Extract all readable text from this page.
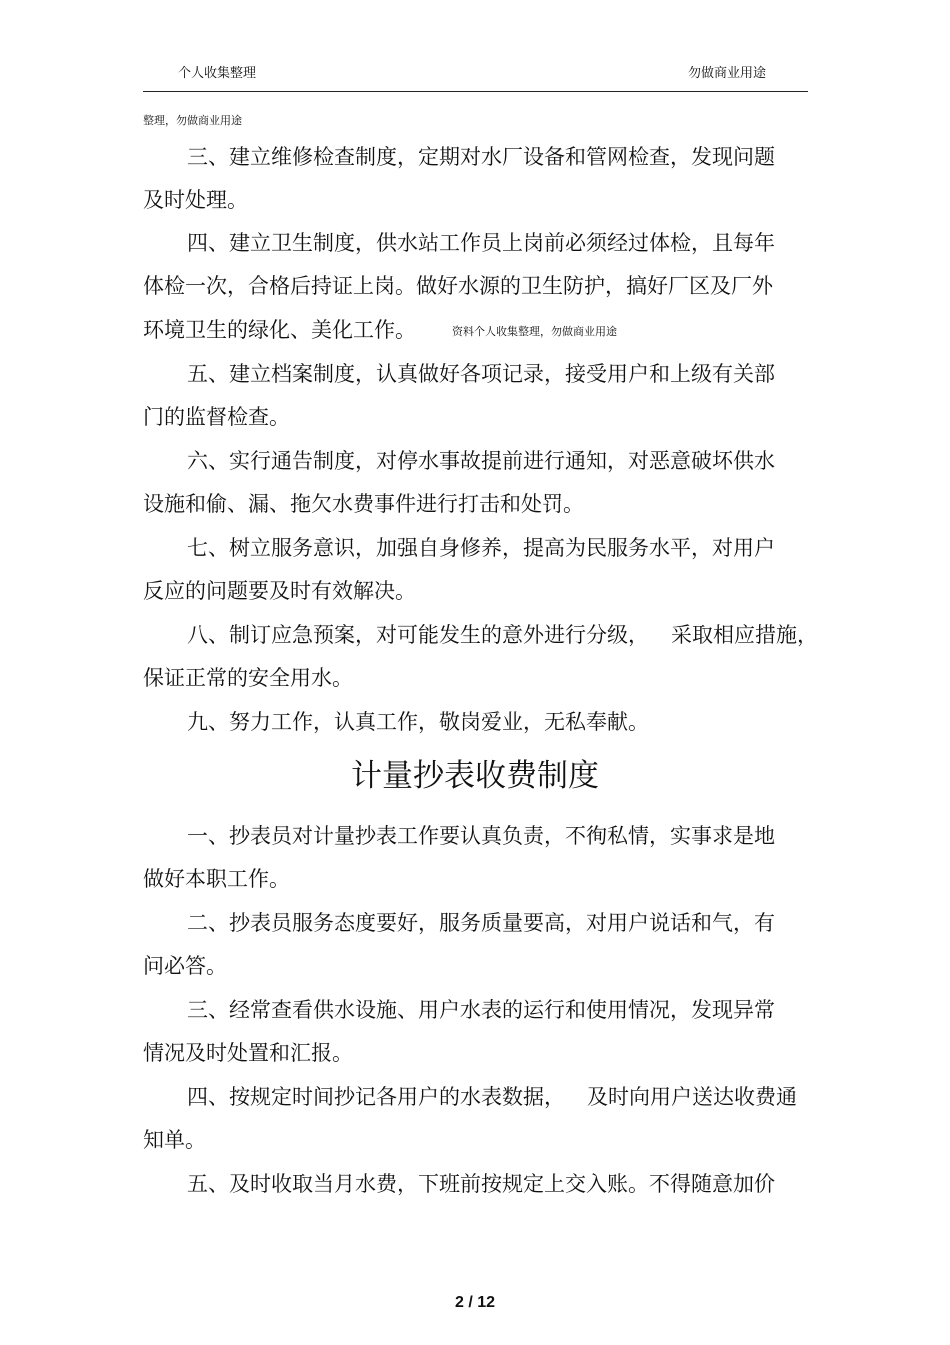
个人收集整理	勿做商业用途
整理，勿做商业用途
三、建立维修检查制度，定期对水厂设备和管网检查，发现问题
及时处理。
四、建立卫生制度，供水站工作员上岗前必须经过体检，且每年
体检一次，合格后持证上岗。做好水源的卫生防护，搞好厂区及厂外
环境卫生的绿化、美化工作。	资料个人收集整理，勿做商业用途
五、建立档案制度，认真做好各项记录，接受用户和上级有关部
门的监督检查。
六、实行通告制度，对停水事故提前进行通知，对恶意破坏供水
设施和偷、漏、拖欠水费事件进行打击和处罚。
七、树立服务意识，加强自身修养，提高为民服务水平，对用户
反应的问题要及时有效解决。
八、制订应急预案，对可能发生的意外进行分级， 采取相应措施，
保证正常的安全用水。
九、努力工作，认真工作，敬岗爱业，无私奉献。
计量抄表收费制度
一、抄表员对计量抄表工作要认真负责，不徇私情，实事求是地
做好本职工作。
二、抄表员服务态度要好，服务质量要高，对用户说话和气，有
问必答。
三、经常查看供水设施、用户水表的运行和使用情况，发现异常
情况及时处置和汇报。
四、按规定时间抄记各用户的水表数据， 及时向用户送达收费通
知单。
五、及时收取当月水费，下班前按规定上交入账。不得随意加价
2 / 12
